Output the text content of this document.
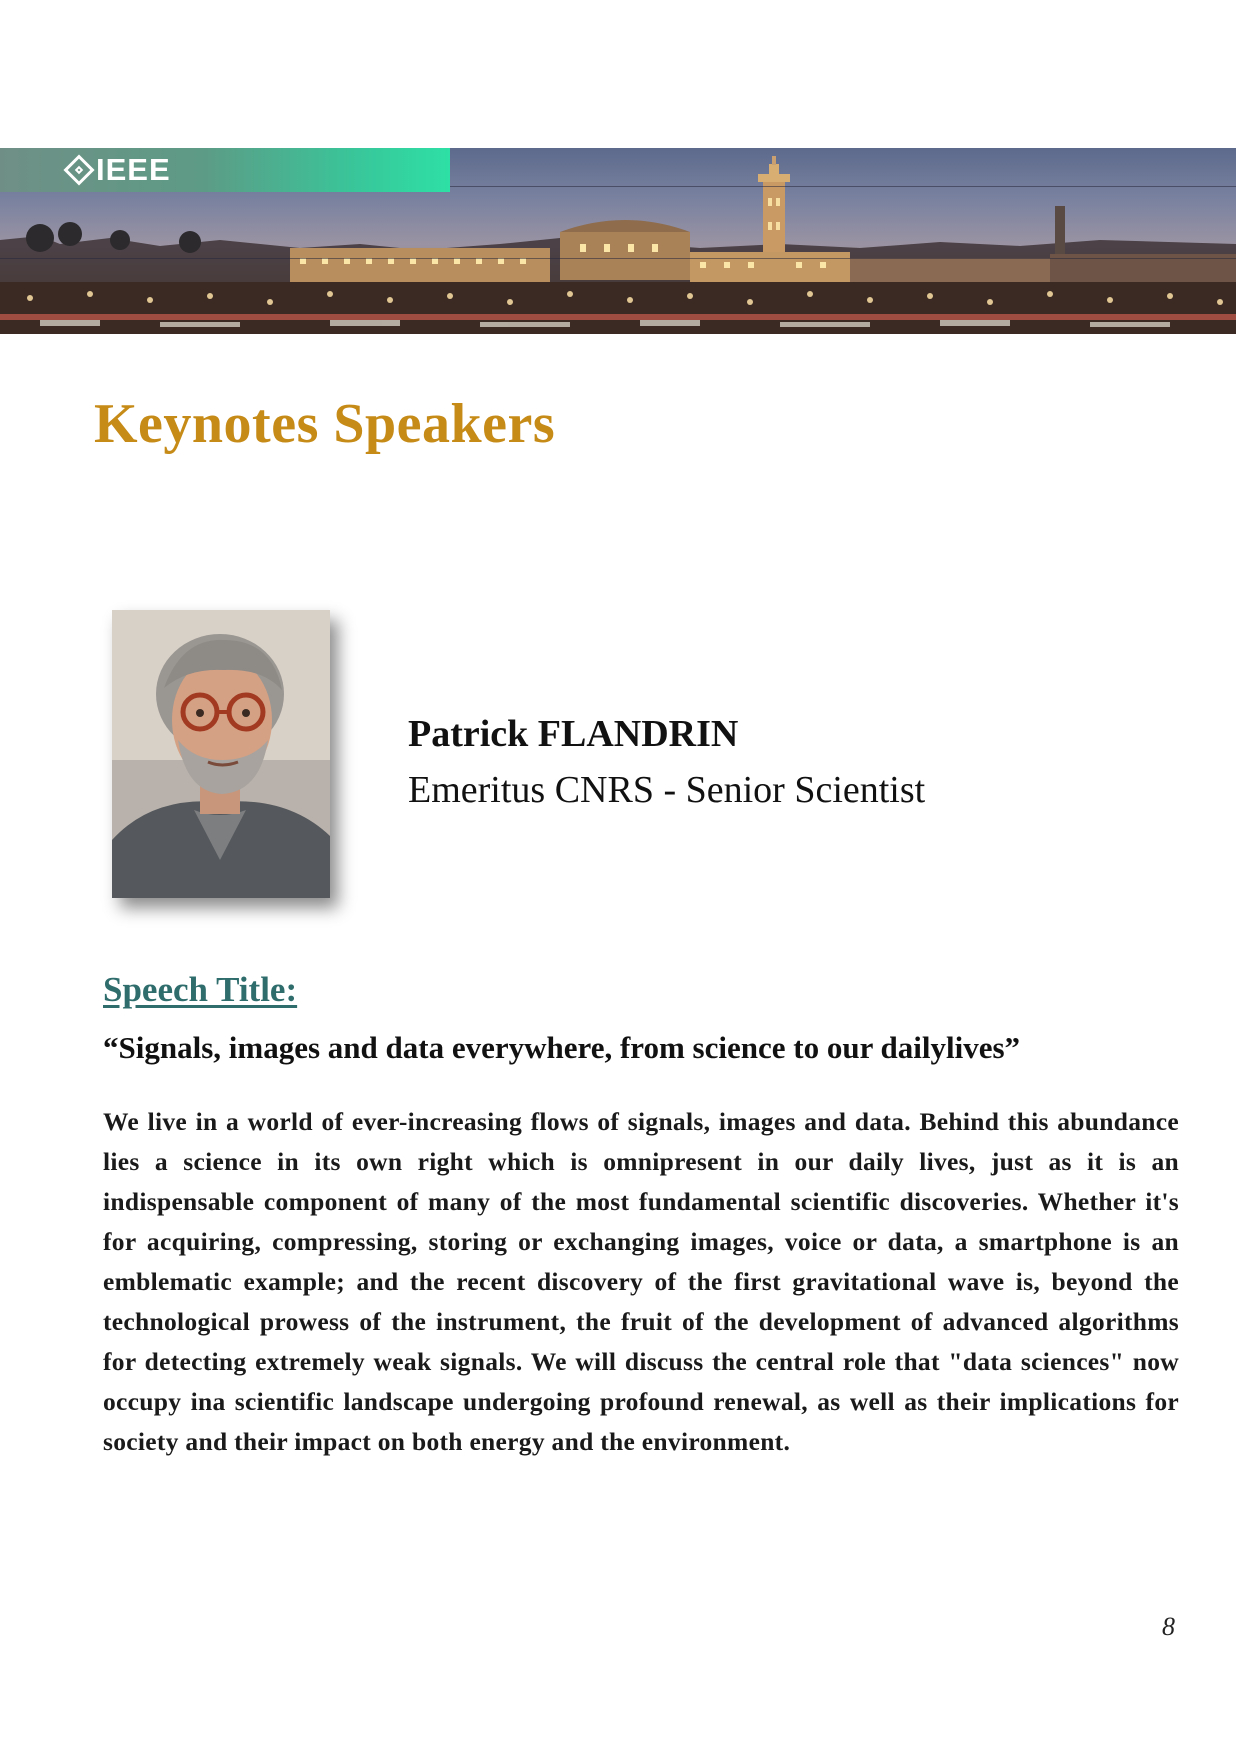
IEEE
Keynotes Speakers

Patrick FLANDRIN

Emeritus CNRS - Senior Scientist

Speech Title:

“Signals, images and data everywhere, from science to our dailylives”

We live in a world of ever-increasing flows of signals, images and data. Behind this abundance lies a science in its own right which is omnipresent in our daily lives, just as it is an indispensable component of many of the most fundamental scientific discoveries. Whether it's for acquiring, compressing, storing or exchanging images, voice or data, a smartphone is an emblematic example; and the recent discovery of the first gravitational wave is, beyond the technological prowess of the instrument, the fruit of the development of advanced algorithms for detecting extremely weak signals. We will discuss the central role that "data sciences" now occupy ina scientific landscape undergoing profound renewal, as well as their implications for society and their impact on both energy and the environment.

8
